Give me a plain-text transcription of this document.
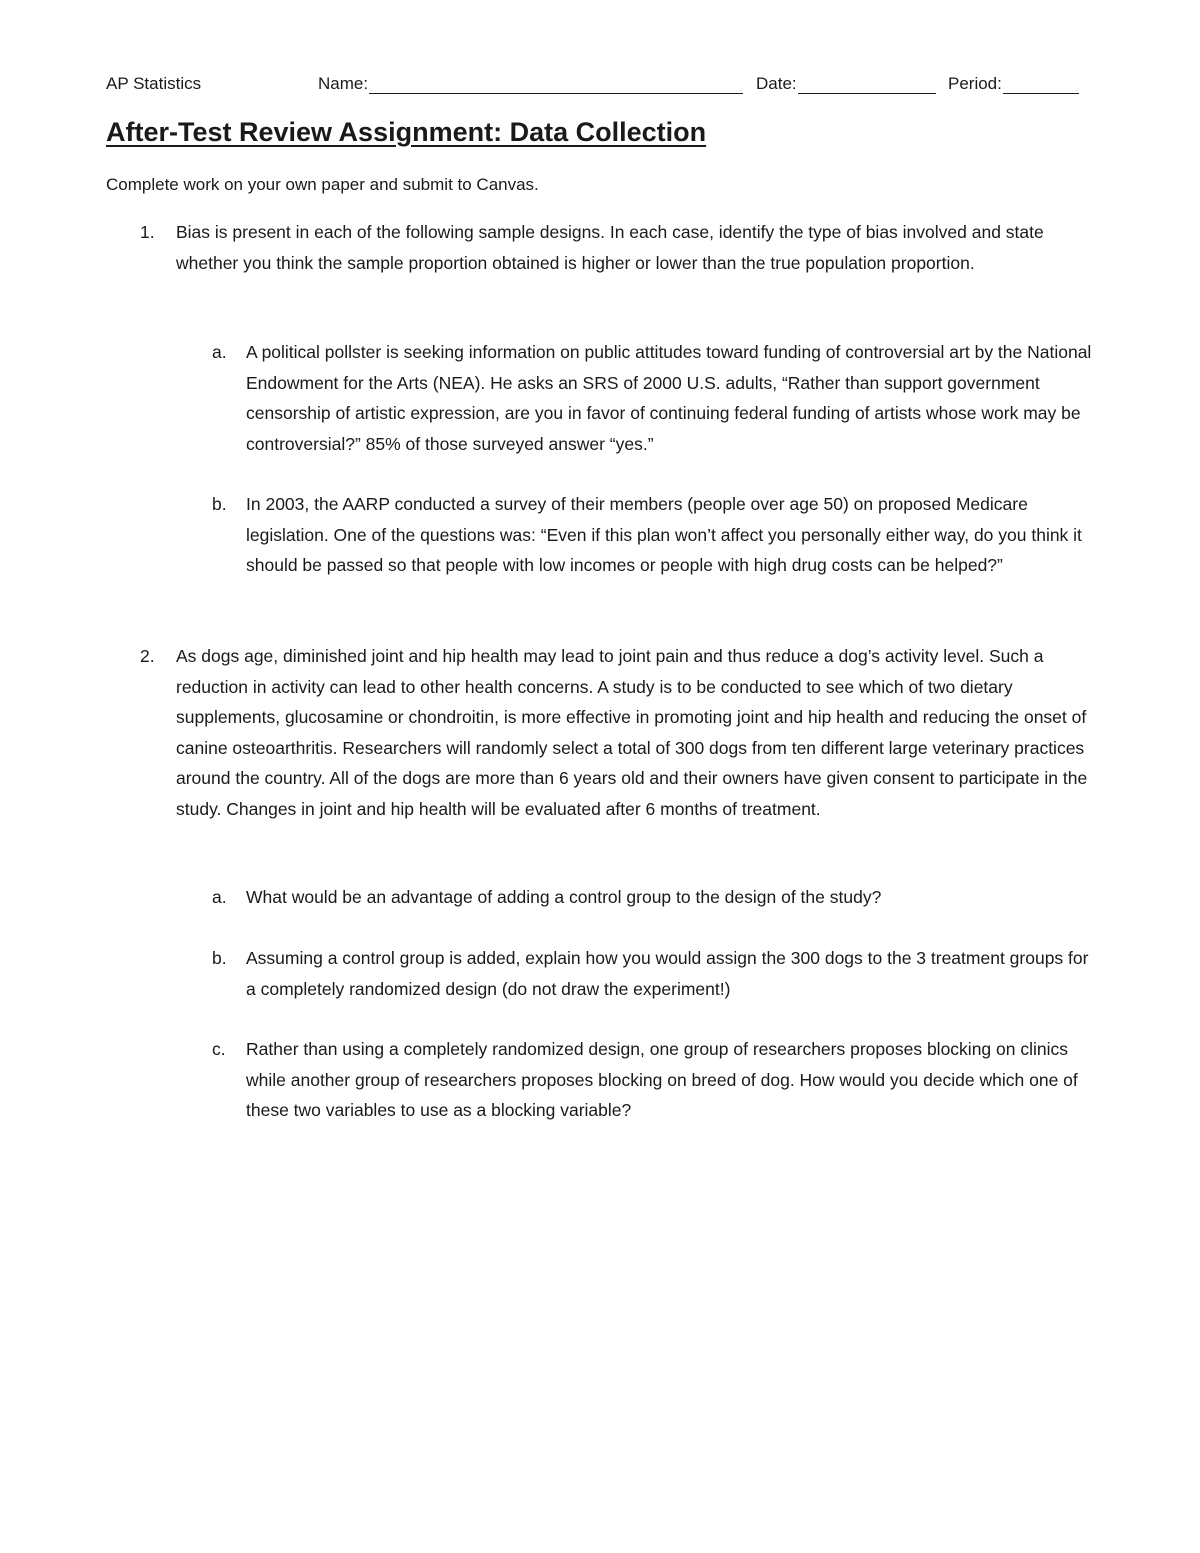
AP Statistics	Name:	Date:	Period:
After-Test Review Assignment: Data Collection
Complete work on your own paper and submit to Canvas.
1. Bias is present in each of the following sample designs. In each case, identify the type of bias involved and state whether you think the sample proportion obtained is higher or lower than the true population proportion.
a. A political pollster is seeking information on public attitudes toward funding of controversial art by the National Endowment for the Arts (NEA). He asks an SRS of 2000 U.S. adults, “Rather than support government censorship of artistic expression, are you in favor of continuing federal funding of artists whose work may be controversial?” 85% of those surveyed answer “yes.”
b. In 2003, the AARP conducted a survey of their members (people over age 50) on proposed Medicare legislation. One of the questions was: “Even if this plan won’t affect you personally either way, do you think it should be passed so that people with low incomes or people with high drug costs can be helped?”
2. As dogs age, diminished joint and hip health may lead to joint pain and thus reduce a dog’s activity level. Such a reduction in activity can lead to other health concerns. A study is to be conducted to see which of two dietary supplements, glucosamine or chondroitin, is more effective in promoting joint and hip health and reducing the onset of canine osteoarthritis. Researchers will randomly select a total of 300 dogs from ten different large veterinary practices around the country. All of the dogs are more than 6 years old and their owners have given consent to participate in the study. Changes in joint and hip health will be evaluated after 6 months of treatment.
a. What would be an advantage of adding a control group to the design of the study?
b. Assuming a control group is added, explain how you would assign the 300 dogs to the 3 treatment groups for a completely randomized design (do not draw the experiment!)
c. Rather than using a completely randomized design, one group of researchers proposes blocking on clinics while another group of researchers proposes blocking on breed of dog. How would you decide which one of these two variables to use as a blocking variable?
